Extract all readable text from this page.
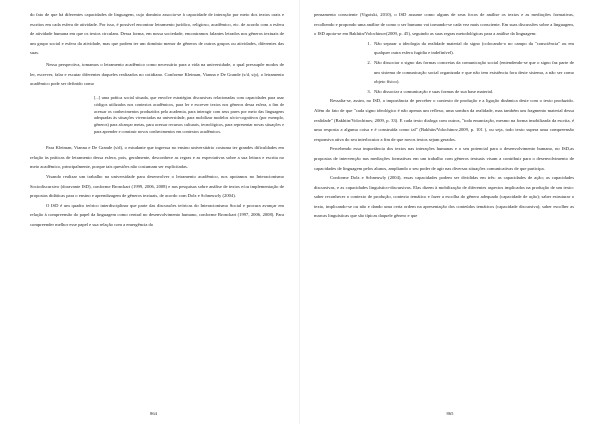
do fato de que há diferentes capacidades de linguagem, cujo domínio associa-se à capacidade de interação por meio dos textos orais e escritos em cada esfera de atividade. Por isso, é possível encontrar letramento jurídico, religioso, acadêmico, etc. de acordo com a esfera de atividade humana em que os textos circulam. Dessa forma, em nossa sociedade, encontramos falantes letrados nos gêneros textuais de um grupo social e esfera da atividade, mas que podem ter um domínio menor de gêneros de outros grupos ou atividades, diferentes das suas.

Nessa perspectiva, tomamos o letramento acadêmico como necessário para a vida na universidade, o qual pressupõe modos de ler, escrever, falar e escutar diferentes daqueles realizados no cotidiano. Conforme Kleiman, Vianna e De Grande (s/d, s/p), o letramento acadêmico pode ser definido como

[...] uma prática social situada, que envolve estratégias discursivas relacionadas com capacidades para usar códigos utilizados nos contextos acadêmicos, para ler e escrever textos nos gêneros dessa esfera, a fim de acessar os conhecimentos produzidos pela academia, para interagir com seus pares por meio das linguagens adequadas às situações vivenciadas na universidade, para mobilizar modelos sócio-cognitivos (por exemplo, gêneros) para alcançar metas, para acessar recursos culturais, tecnológicos, para representar novas situações e para aprender e construir novos conhecimentos em contextos acadêmicos.

Para Kleiman, Vianna e De Grande (s/d), o estudante que ingressa no ensino universitário costuma ter grandes dificuldades em relação às práticas de letramento dessa esfera, pois, geralmente, desconhece as regras e as expectativas sobre a sua leitura e escrita no meio acadêmico, principalmente, porque tais questões não costumam ser explicitadas.

Visando realizar um trabalho na universidade para desenvolver o letramento acadêmico, nos apoiamos no Interacionismo Sociodiscursivo (doravante ISD), conforme Bronckart (1999, 2006, 2008) e nas pesquisas sobre análise de textos e/ou implementação de propostas didáticas para o ensino e aprendizagem de gêneros textuais, de acordo com Dolz e Schneuwly (2004).

O ISD é um quadro teórico interdisciplinar que parte das discussões teóricas do Interacionismo Social e procura avançar em relação à compreensão do papel da linguagem como central no desenvolvimento humano, conforme Bronckart (1997, 2006, 2008). Para compreender melhor esse papel e sua relação com a emergência do

864

pensamento consciente (Vigotski, 2010), o ISD assume como alguns de seus focos de análise os textos e as mediações formativas, recolhendo e propondo uma análise de como o ser humano vai tornando-se cada vez mais consciente. Em suas discussões sobre a linguagem, o ISD apoia-se em Bakhtin/Volochinov(2009, p. 45), seguindo as suas regras metodológicas para a análise da linguagem:

1. Não separar a ideologia da realidade material do signo (colocando-o no campo da "consciência" ou em qualquer outra esfera fugidia e indefinível).
2. Não dissociar o signo das formas concretas da comunicação social (entendendo-se que o signo faz parte de um sistema de comunicação social organizada e que não tem existência fora deste sistema, a não ser como objeto físico).
3. Não dissociar a comunicação e suas formas de sua base material.

Ressalta-se, assim, no ISD, a importância de perceber o contexto de produção e a ligação dinâmica deste com o texto produzido. Além do fato de que "cada signo ideológico é não apenas um reflexo, uma sombra da realidade, mas também um fragmento material dessa realidade" (Bakhtin/Volochinov, 2009, p. 33). E cada texto dialoga com outros, "toda enunciação, mesmo na forma imobilizada da escrita, é uma resposta a alguma coisa e é construída como tal" (Bakhtin/Volochinov,2009, p. 101 ), ou seja, todo texto supera uma compreensão responsiva ativa do seu interlocutor a fim de que novos textos sejam gerados.

Percebendo essa importância dos textos nas interações humanas e o seu potencial para o desenvolvimento humano, no ISD,as propostas de intervenção nas mediações formativas em um trabalho com gêneros textuais visam a contribuir para o desenvolvimento de capacidades de linguagem pelos alunos, ampliando o seu poder de agir nas diversas situações comunicativas de que participa.

Conforme Dolz e Schneuwly (2004), essas capacidades podem ser divididas em três: as capacidades de ação; as capacidades discursivas, e as capacidades linguístico-discursivas. Elas dizem à mobilização de diferentes aspectos implicados na produção de um texto: saber reconhecer o contexto de produção, contexto temático e fazer a escolha do gênero adequado (capacidade de ação); saber estruturar o texto, implicando-se ou não e dando uma certa ordem na apresentação dos conteúdos temáticos (capacidade discursiva); saber escolher as marcas linguísticas que são típicas daquele gênero e que

865
